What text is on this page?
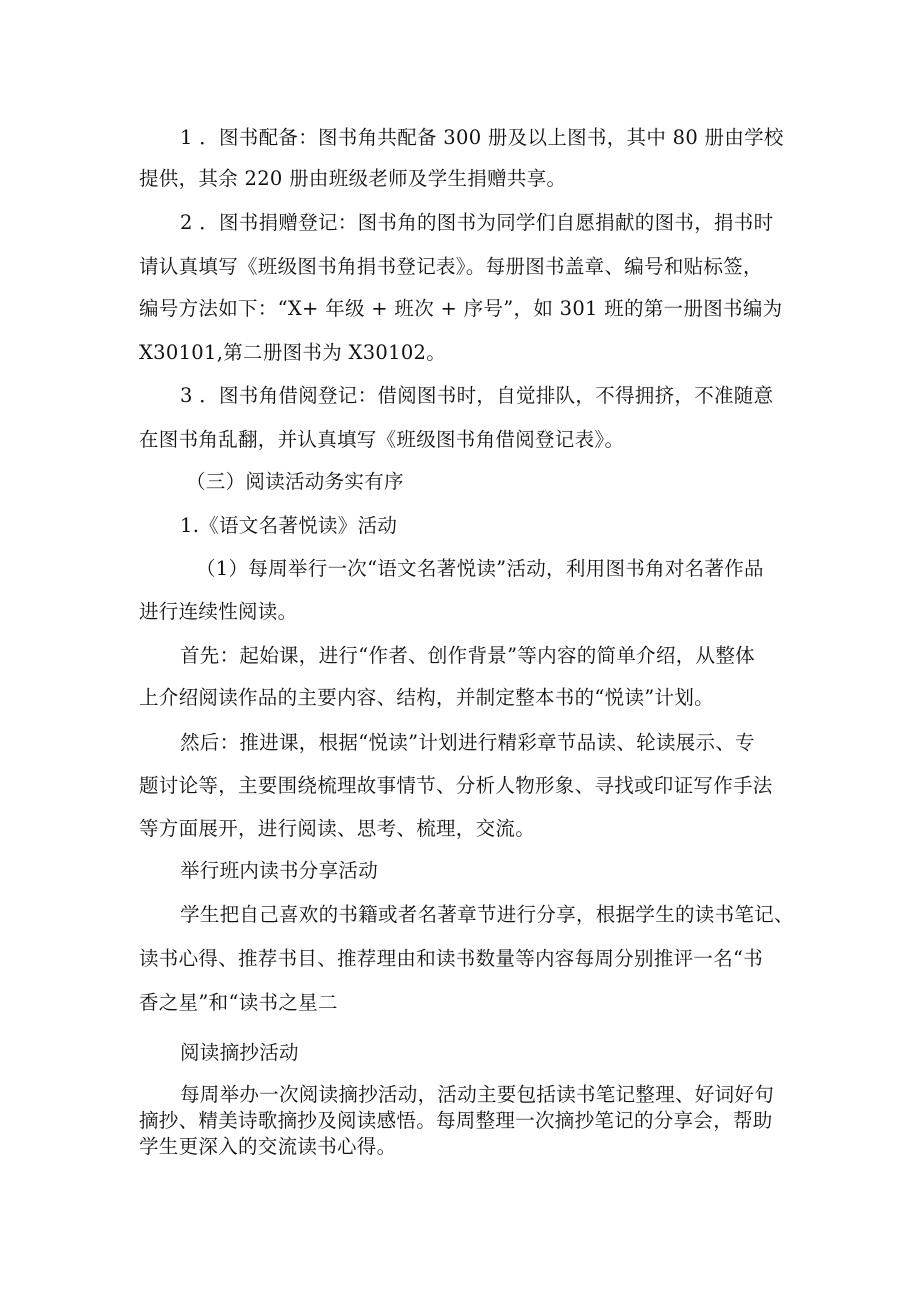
1 ．图书配备：图书角共配备 300 册及以上图书，其中 80 册由学校
提供，其余 220 册由班级老师及学生捐赠共享。
2 ．图书捐赠登记：图书角的图书为同学们自愿捐献的图书，捐书时
请认真填写《班级图书角捐书登记表》。每册图书盖章、编号和贴标签，
编号方法如下：“X+ 年级 + 班次 + 序号”，如 301 班的第一册图书编为
X30101,第二册图书为 X30102。
3 ．图书角借阅登记：借阅图书时，自觉排队，不得拥挤，不准随意
在图书角乱翻，并认真填写《班级图书角借阅登记表》。
（三）阅读活动务实有序
1.《语文名著悦读》活动
（1）每周举行一次“语文名著悦读”活动，利用图书角对名著作品
进行连续性阅读。
首先：起始课，进行“作者、创作背景”等内容的简单介绍，从整体
上介绍阅读作品的主要内容、结构，并制定整本书的“悦读”计划。
然后：推进课，根据“悦读”计划进行精彩章节品读、轮读展示、专
题讨论等，主要围绕梳理故事情节、分析人物形象、寻找或印证写作手法
等方面展开，进行阅读、思考、梳理，交流。
举行班内读书分享活动
学生把自己喜欢的书籍或者名著章节进行分享，根据学生的读书笔记、
读书心得、推荐书目、推荐理由和读书数量等内容每周分别推评一名“书
香之星”和“读书之星二
阅读摘抄活动
每周举办一次阅读摘抄活动，活动主要包括读书笔记整理、好词好句
摘抄、精美诗歌摘抄及阅读感悟。每周整理一次摘抄笔记的分享会，帮助
学生更深入的交流读书心得。
